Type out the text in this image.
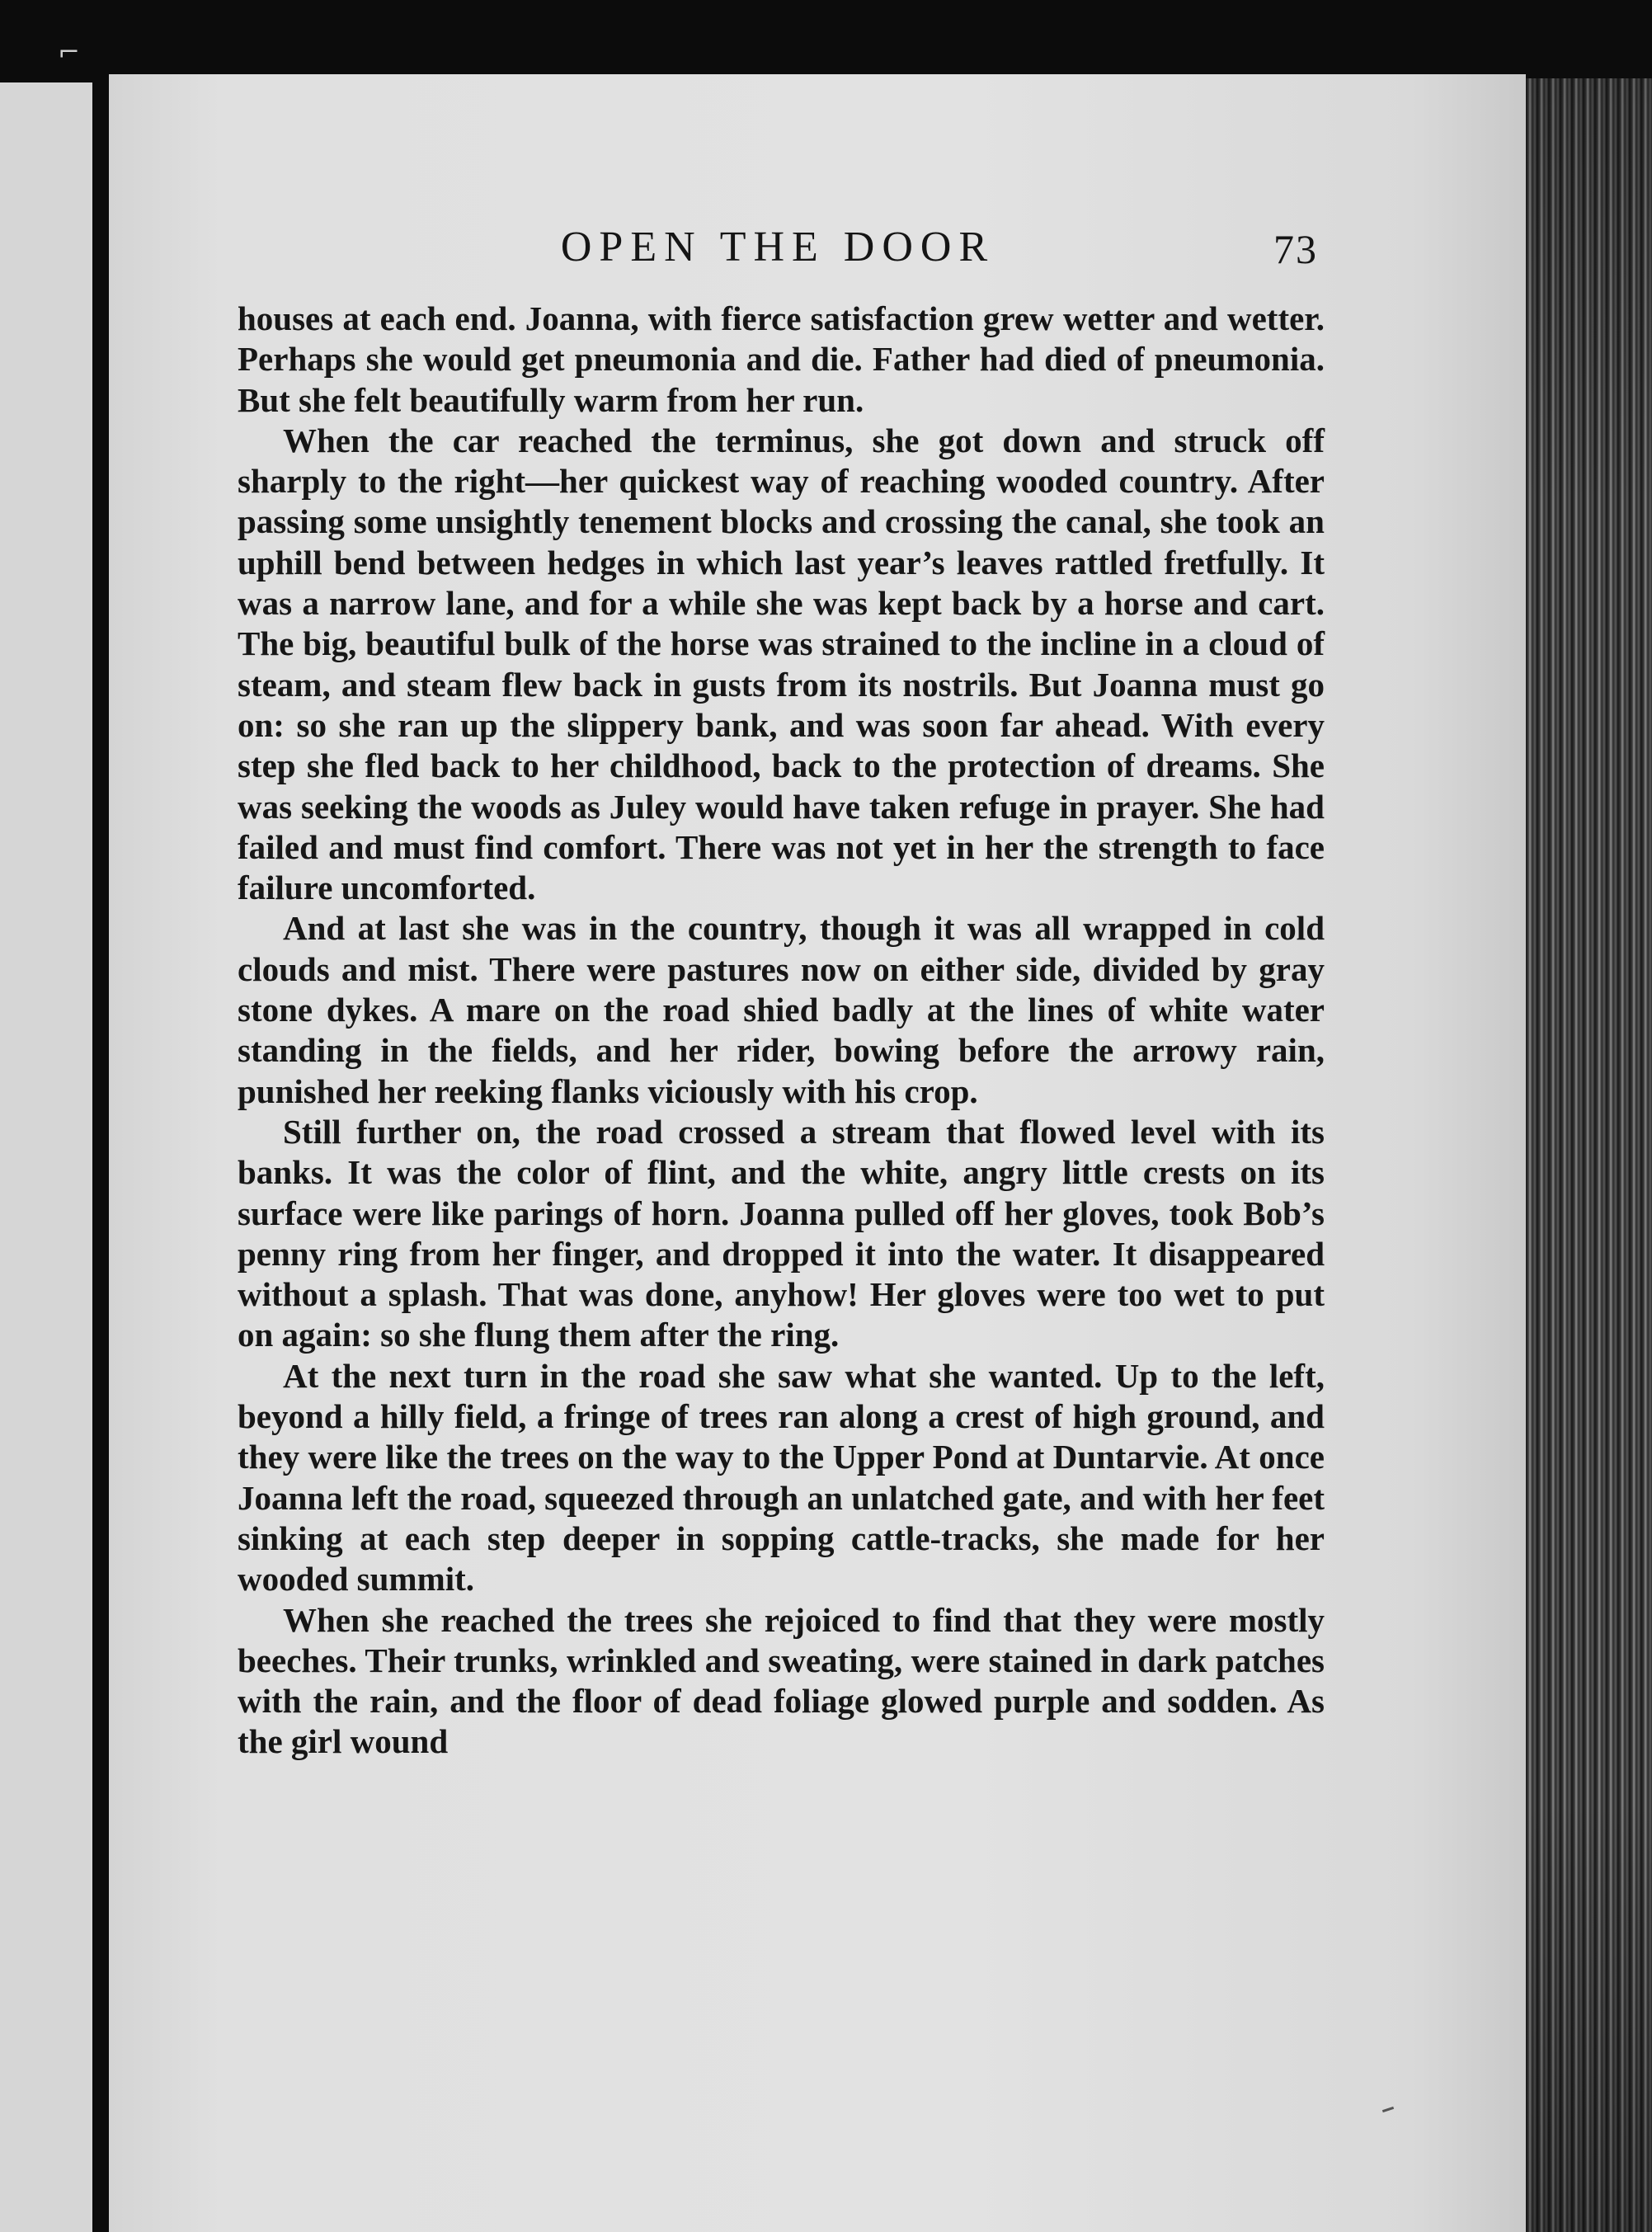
⌐
OPEN THE DOOR	73

houses at each end. Joanna, with fierce satisfaction grew wetter and wetter. Perhaps she would get pneumonia and die. Father had died of pneumonia. But she felt beautifully warm from her run.

When the car reached the terminus, she got down and struck off sharply to the right—her quickest way of reaching wooded country. After passing some unsightly tenement blocks and crossing the canal, she took an uphill bend between hedges in which last year’s leaves rattled fretfully. It was a narrow lane, and for a while she was kept back by a horse and cart. The big, beautiful bulk of the horse was strained to the incline in a cloud of steam, and steam flew back in gusts from its nostrils. But Joanna must go on: so she ran up the slippery bank, and was soon far ahead. With every step she fled back to her childhood, back to the protection of dreams. She was seeking the woods as Juley would have taken refuge in prayer. She had failed and must find comfort. There was not yet in her the strength to face failure uncomforted.

And at last she was in the country, though it was all wrapped in cold clouds and mist. There were pastures now on either side, divided by gray stone dykes. A mare on the road shied badly at the lines of white water standing in the fields, and her rider, bowing before the arrowy rain, punished her reeking flanks viciously with his crop.

Still further on, the road crossed a stream that flowed level with its banks. It was the color of flint, and the white, angry little crests on its surface were like parings of horn. Joanna pulled off her gloves, took Bob’s penny ring from her finger, and dropped it into the water. It disappeared without a splash. That was done, anyhow! Her gloves were too wet to put on again: so she flung them after the ring.

At the next turn in the road she saw what she wanted. Up to the left, beyond a hilly field, a fringe of trees ran along a crest of high ground, and they were like the trees on the way to the Upper Pond at Duntarvie. At once Joanna left the road, squeezed through an unlatched gate, and with her feet sinking at each step deeper in sopping cattle-tracks, she made for her wooded summit.

When she reached the trees she rejoiced to find that they were mostly beeches. Their trunks, wrinkled and sweating, were stained in dark patches with the rain, and the floor of dead foliage glowed purple and sodden. As the girl wound
